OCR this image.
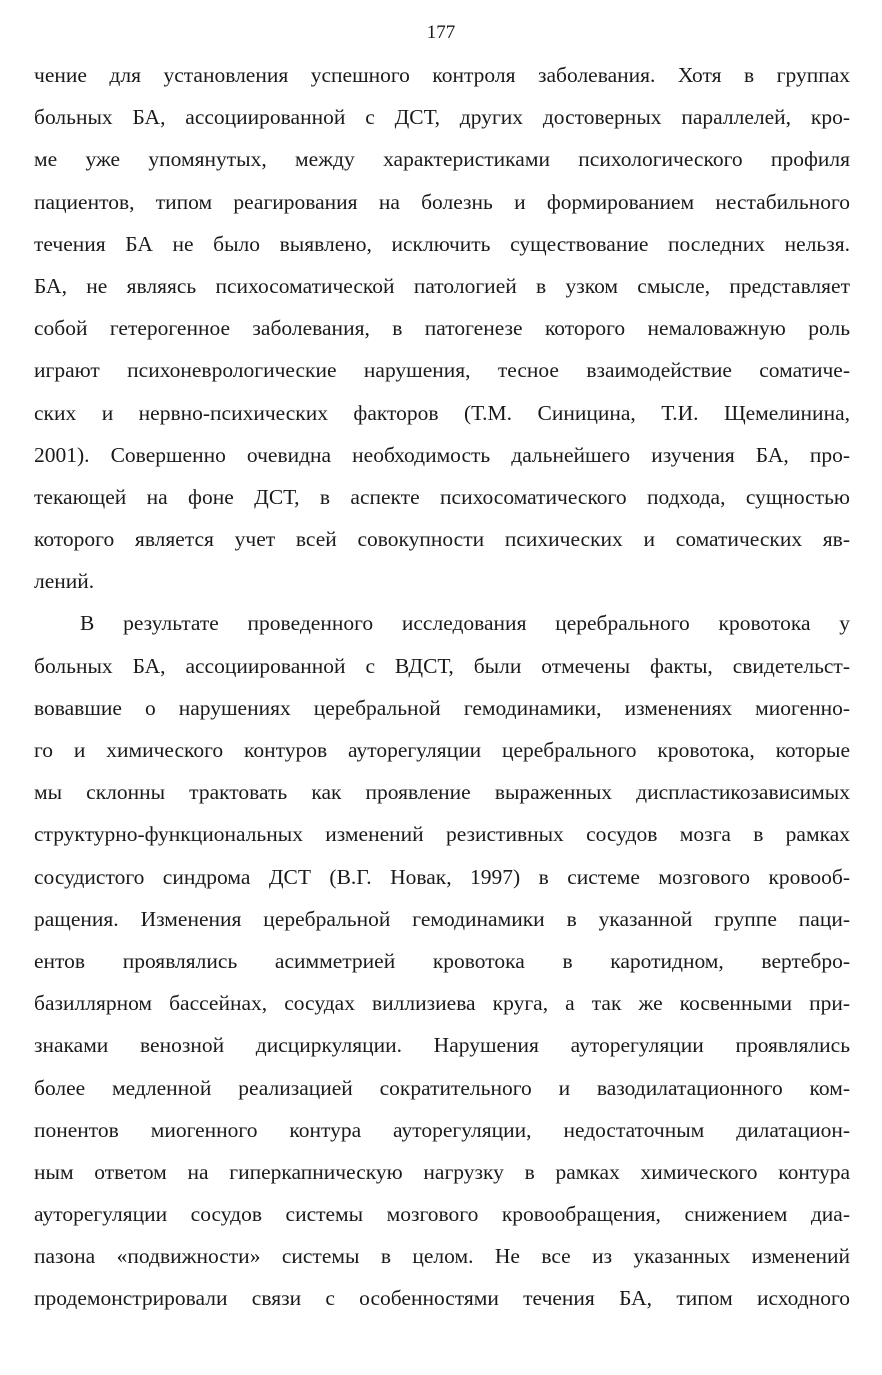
177
чение для установления успешного контроля заболевания. Хотя в группах
больных БА, ассоциированной с ДСТ, других достоверных параллелей, кро-
ме уже упомянутых, между характеристиками психологического профиля
пациентов, типом реагирования на болезнь и формированием нестабильного
течения БА не было выявлено, исключить существование последних нельзя.
БА, не являясь психосоматической патологией в узком смысле, представляет
собой гетерогенное заболевания, в патогенезе которого немаловажную роль
играют психоневрологические нарушения, тесное взаимодействие соматиче-
ских и нервно-психических факторов (Т.М. Синицина, Т.И. Щемелинина,
2001). Совершенно очевидна необходимость дальнейшего изучения БА, про-
текающей на фоне ДСТ, в аспекте психосоматического подхода, сущностью
которого является учет всей совокупности психических и соматических яв-
лений.
В результате проведенного исследования церебрального кровотока у
больных БА, ассоциированной с ВДСТ, были отмечены факты, свидетельст-
вовавшие о нарушениях церебральной гемодинамики, изменениях миогенно-
го и химического контуров ауторегуляции церебрального кровотока, которые
мы склонны трактовать как проявление выраженных диспластикозависимых
структурно-функциональных изменений резистивных сосудов мозга в рамках
сосудистого синдрома ДСТ (В.Г. Новак, 1997) в системе мозгового кровооб-
ращения. Изменения церебральной гемодинамики в указанной группе паци-
ентов проявлялись асимметрией кровотока в каротидном, вертебро-
базиллярном бассейнах, сосудах виллизиева круга, а так же косвенными при-
знаками венозной дисциркуляции. Нарушения ауторегуляции проявлялись
более медленной реализацией сократительного и вазодилатационного ком-
понентов миогенного контура ауторегуляции, недостаточным дилатацион-
ным ответом на гиперкапническую нагрузку в рамках химического контура
ауторегуляции сосудов системы мозгового кровообращения, снижением диа-
пазона «подвижности» системы в целом. Не все из указанных изменений
продемонстрировали связи с особенностями течения БА, типом исходного
